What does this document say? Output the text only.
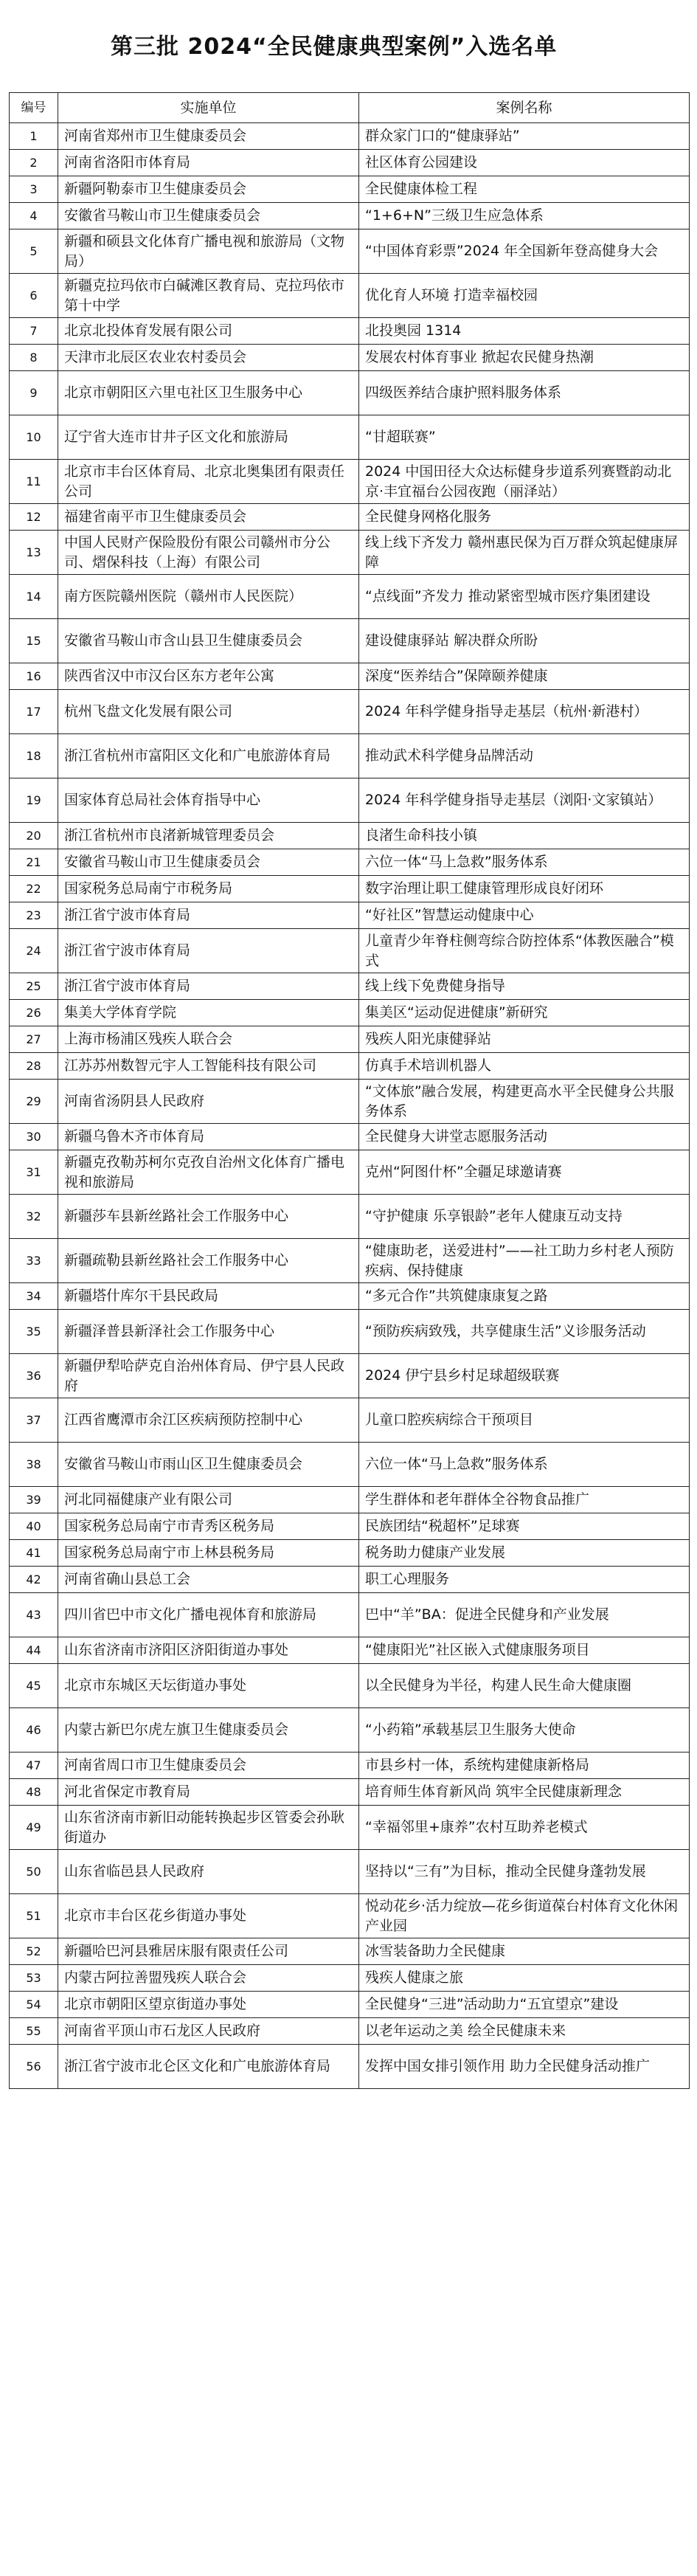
第三批 2024“全民健康典型案例”入选名单
编号	实施单位	案例名称
1	河南省郑州市卫生健康委员会	群众家门口的“健康驿站”
2	河南省洛阳市体育局	社区体育公园建设
3	新疆阿勒泰市卫生健康委员会	全民健康体检工程
4	安徽省马鞍山市卫生健康委员会	“1+6+N”三级卫生应急体系
5	新疆和硕县文化体育广播电视和旅游局（文物局）	“中国体育彩票”2024 年全国新年登高健身大会
6	新疆克拉玛依市白碱滩区教育局、克拉玛依市第十中学	优化育人环境 打造幸福校园
7	北京北投体育发展有限公司	北投奥园 1314
8	天津市北辰区农业农村委员会	发展农村体育事业 掀起农民健身热潮
9	北京市朝阳区六里屯社区卫生服务中心	四级医养结合康护照料服务体系
10	辽宁省大连市甘井子区文化和旅游局	“甘超联赛”
11	北京市丰台区体育局、北京北奥集团有限责任公司	2024 中国田径大众达标健身步道系列赛暨韵动北京·丰宜福台公园夜跑（丽泽站）
12	福建省南平市卫生健康委员会	全民健身网格化服务
13	中国人民财产保险股份有限公司赣州市分公司、熠保科技（上海）有限公司	线上线下齐发力 赣州惠民保为百万群众筑起健康屏障
14	南方医院赣州医院（赣州市人民医院）	“点线面”齐发力 推动紧密型城市医疗集团建设
15	安徽省马鞍山市含山县卫生健康委员会	建设健康驿站 解决群众所盼
16	陕西省汉中市汉台区东方老年公寓	深度“医养结合”保障颐养健康
17	杭州飞盘文化发展有限公司	2024 年科学健身指导走基层（杭州·新港村）
18	浙江省杭州市富阳区文化和广电旅游体育局	推动武术科学健身品牌活动
19	国家体育总局社会体育指导中心	2024 年科学健身指导走基层（浏阳·文家镇站）
20	浙江省杭州市良渚新城管理委员会	良渚生命科技小镇
21	安徽省马鞍山市卫生健康委员会	六位一体“马上急救”服务体系
22	国家税务总局南宁市税务局	数字治理让职工健康管理形成良好闭环
23	浙江省宁波市体育局	“好社区”智慧运动健康中心
24	浙江省宁波市体育局	儿童青少年脊柱侧弯综合防控体系“体教医融合”模式
25	浙江省宁波市体育局	线上线下免费健身指导
26	集美大学体育学院	集美区“运动促进健康”新研究
27	上海市杨浦区残疾人联合会	残疾人阳光康健驿站
28	江苏苏州数智元宇人工智能科技有限公司	仿真手术培训机器人
29	河南省汤阴县人民政府	“文体旅”融合发展，构建更高水平全民健身公共服务体系
30	新疆乌鲁木齐市体育局	全民健身大讲堂志愿服务活动
31	新疆克孜勒苏柯尔克孜自治州文化体育广播电视和旅游局	克州“阿图什杯”全疆足球邀请赛
32	新疆莎车县新丝路社会工作服务中心	“守护健康 乐享银龄”老年人健康互动支持
33	新疆疏勒县新丝路社会工作服务中心	“健康助老，送爱进村”——社工助力乡村老人预防疾病、保持健康
34	新疆塔什库尔干县民政局	“多元合作”共筑健康康复之路
35	新疆泽普县新泽社会工作服务中心	“预防疾病致残，共享健康生活”义诊服务活动
36	新疆伊犁哈萨克自治州体育局、伊宁县人民政府	2024 伊宁县乡村足球超级联赛
37	江西省鹰潭市余江区疾病预防控制中心	儿童口腔疾病综合干预项目
38	安徽省马鞍山市雨山区卫生健康委员会	六位一体“马上急救”服务体系
39	河北同福健康产业有限公司	学生群体和老年群体全谷物食品推广
40	国家税务总局南宁市青秀区税务局	民族团结“税超杯”足球赛
41	国家税务总局南宁市上林县税务局	税务助力健康产业发展
42	河南省确山县总工会	职工心理服务
43	四川省巴中市文化广播电视体育和旅游局	巴中“羊”BA：促进全民健身和产业发展
44	山东省济南市济阳区济阳街道办事处	“健康阳光”社区嵌入式健康服务项目
45	北京市东城区天坛街道办事处	以全民健身为半径，构建人民生命大健康圈
46	内蒙古新巴尔虎左旗卫生健康委员会	“小药箱”承载基层卫生服务大使命
47	河南省周口市卫生健康委员会	市县乡村一体，系统构建健康新格局
48	河北省保定市教育局	培育师生体育新风尚 筑牢全民健康新理念
49	山东省济南市新旧动能转换起步区管委会孙耿街道办	“幸福邻里+康养”农村互助养老模式
50	山东省临邑县人民政府	坚持以“三有”为目标，推动全民健身蓬勃发展
51	北京市丰台区花乡街道办事处	悦动花乡·活力绽放—花乡街道葆台村体育文化休闲产业园
52	新疆哈巴河县雅居床服有限责任公司	冰雪装备助力全民健康
53	内蒙古阿拉善盟残疾人联合会	残疾人健康之旅
54	北京市朝阳区望京街道办事处	全民健身“三进”活动助力“五宜望京”建设
55	河南省平顶山市石龙区人民政府	以老年运动之美 绘全民健康未来
56	浙江省宁波市北仑区文化和广电旅游体育局	发挥中国女排引领作用 助力全民健身活动推广
